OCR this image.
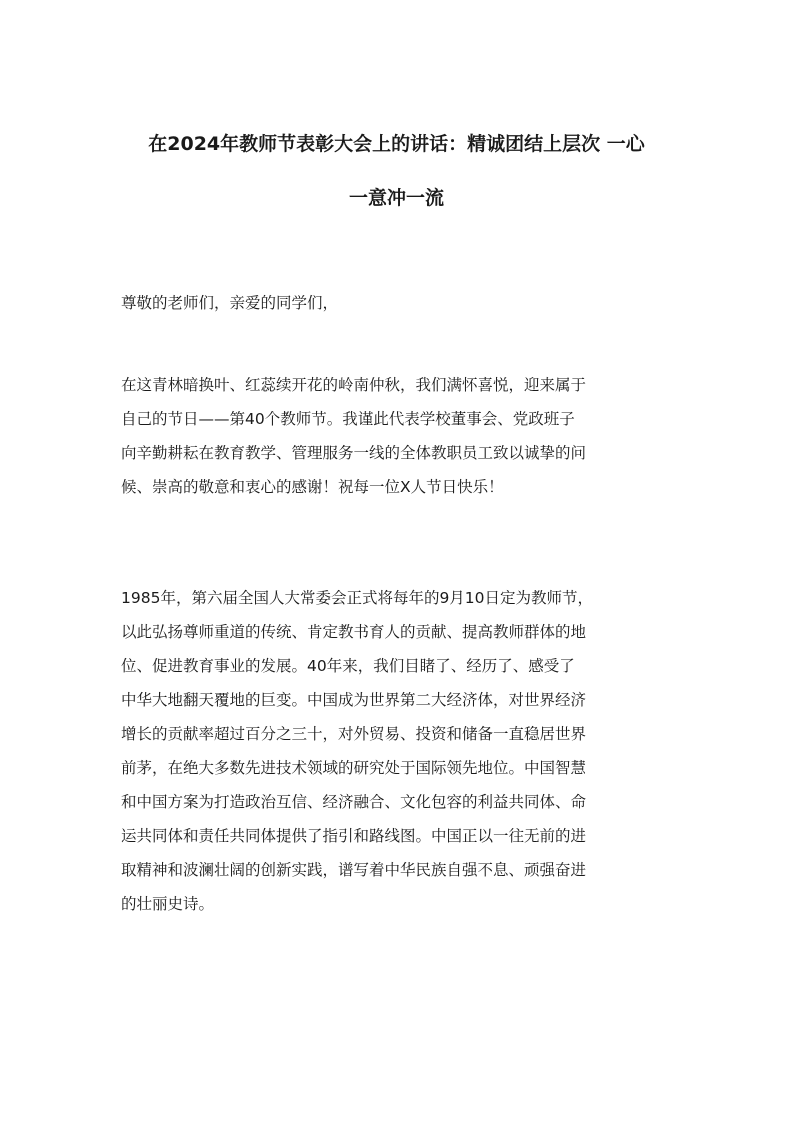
在2024年教师节表彰大会上的讲话：精诚团结上层次 一心
一意冲一流

尊敬的老师们，亲爱的同学们，

在这青林暗换叶、红蕊续开花的岭南仲秋，我们满怀喜悦，迎来属于
自己的节日——第40个教师节。我谨此代表学校董事会、党政班子
向辛勤耕耘在教育教学、管理服务一线的全体教职员工致以诚挚的问
候、崇高的敬意和衷心的感谢！祝每一位X人节日快乐！

1985年，第六届全国人大常委会正式将每年的9月10日定为教师节，
以此弘扬尊师重道的传统、肯定教书育人的贡献、提高教师群体的地
位、促进教育事业的发展。40年来，我们目睹了、经历了、感受了
中华大地翻天覆地的巨变。中国成为世界第二大经济体，对世界经济
增长的贡献率超过百分之三十，对外贸易、投资和储备一直稳居世界
前茅，在绝大多数先进技术领域的研究处于国际领先地位。中国智慧
和中国方案为打造政治互信、经济融合、文化包容的利益共同体、命
运共同体和责任共同体提供了指引和路线图。中国正以一往无前的进
取精神和波澜壮阔的创新实践，谱写着中华民族自强不息、顽强奋进
的壮丽史诗。
